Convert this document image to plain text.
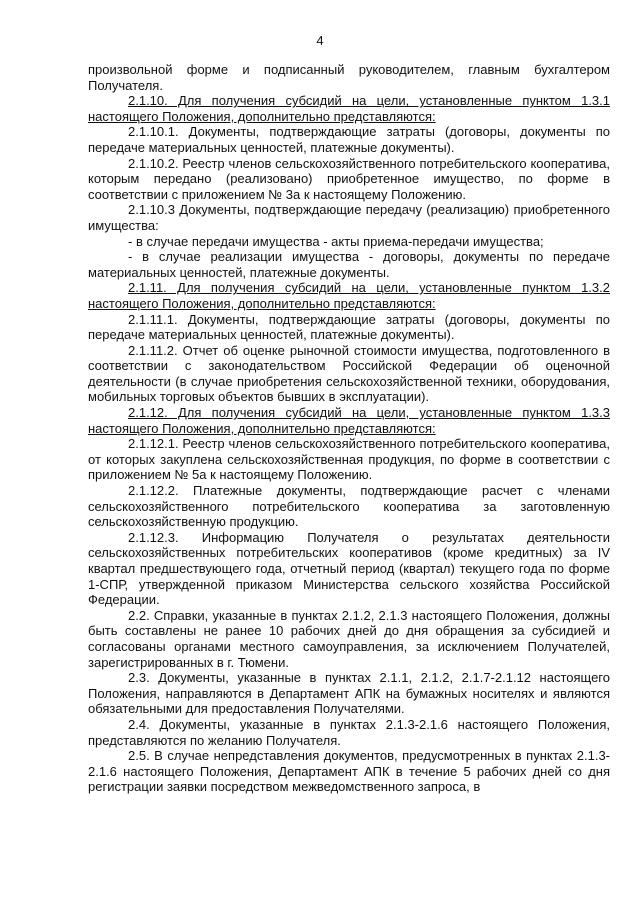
4

произвольной форме и подписанный руководителем, главным бухгалтером Получателя.

2.1.10. Для получения субсидий на цели, установленные пунктом 1.3.1 настоящего Положения, дополнительно представляются:

2.1.10.1. Документы, подтверждающие затраты (договоры, документы по передаче материальных ценностей, платежные документы).

2.1.10.2. Реестр членов сельскохозяйственного потребительского кооператива, которым передано (реализовано) приобретенное имущество, по форме в соответствии с приложением № 3а к настоящему Положению.

2.1.10.3 Документы, подтверждающие передачу (реализацию) приобретенного имущества:

- в случае передачи имущества - акты приема-передачи имущества;

- в случае реализации имущества - договоры, документы по передаче материальных ценностей, платежные документы.

2.1.11. Для получения субсидий на цели, установленные пунктом 1.3.2 настоящего Положения, дополнительно представляются:

2.1.11.1. Документы, подтверждающие затраты (договоры, документы по передаче материальных ценностей, платежные документы).

2.1.11.2. Отчет об оценке рыночной стоимости имущества, подготовленного в соответствии с законодательством Российской Федерации об оценочной деятельности (в случае приобретения сельскохозяйственной техники, оборудования, мобильных торговых объектов бывших в эксплуатации).

2.1.12. Для получения субсидий на цели, установленные пунктом 1.3.3 настоящего Положения, дополнительно представляются:

2.1.12.1. Реестр членов сельскохозяйственного потребительского кооператива, от которых закуплена сельскохозяйственная продукция, по форме в соответствии с приложением № 5а к настоящему Положению.

2.1.12.2. Платежные документы, подтверждающие расчет с членами сельскохозяйственного потребительского кооператива за заготовленную сельскохозяйственную продукцию.

2.1.12.3. Информацию Получателя о результатах деятельности сельскохозяйственных потребительских кооперативов (кроме кредитных) за IV квартал предшествующего года, отчетный период (квартал) текущего года по форме 1-СПР, утвержденной приказом Министерства сельского хозяйства Российской Федерации.

2.2. Справки, указанные в пунктах 2.1.2, 2.1.3 настоящего Положения, должны быть составлены не ранее 10 рабочих дней до дня обращения за субсидией и согласованы органами местного самоуправления, за исключением Получателей, зарегистрированных в г. Тюмени.

2.3. Документы, указанные в пунктах 2.1.1, 2.1.2, 2.1.7-2.1.12 настоящего Положения, направляются в Департамент АПК на бумажных носителях и являются обязательными для предоставления Получателями.

2.4. Документы, указанные в пунктах 2.1.3-2.1.6 настоящего Положения, представляются по желанию Получателя.

2.5. В случае непредставления документов, предусмотренных в пунктах 2.1.3-2.1.6 настоящего Положения, Департамент АПК в течение 5 рабочих дней со дня регистрации заявки посредством межведомственного запроса, в
